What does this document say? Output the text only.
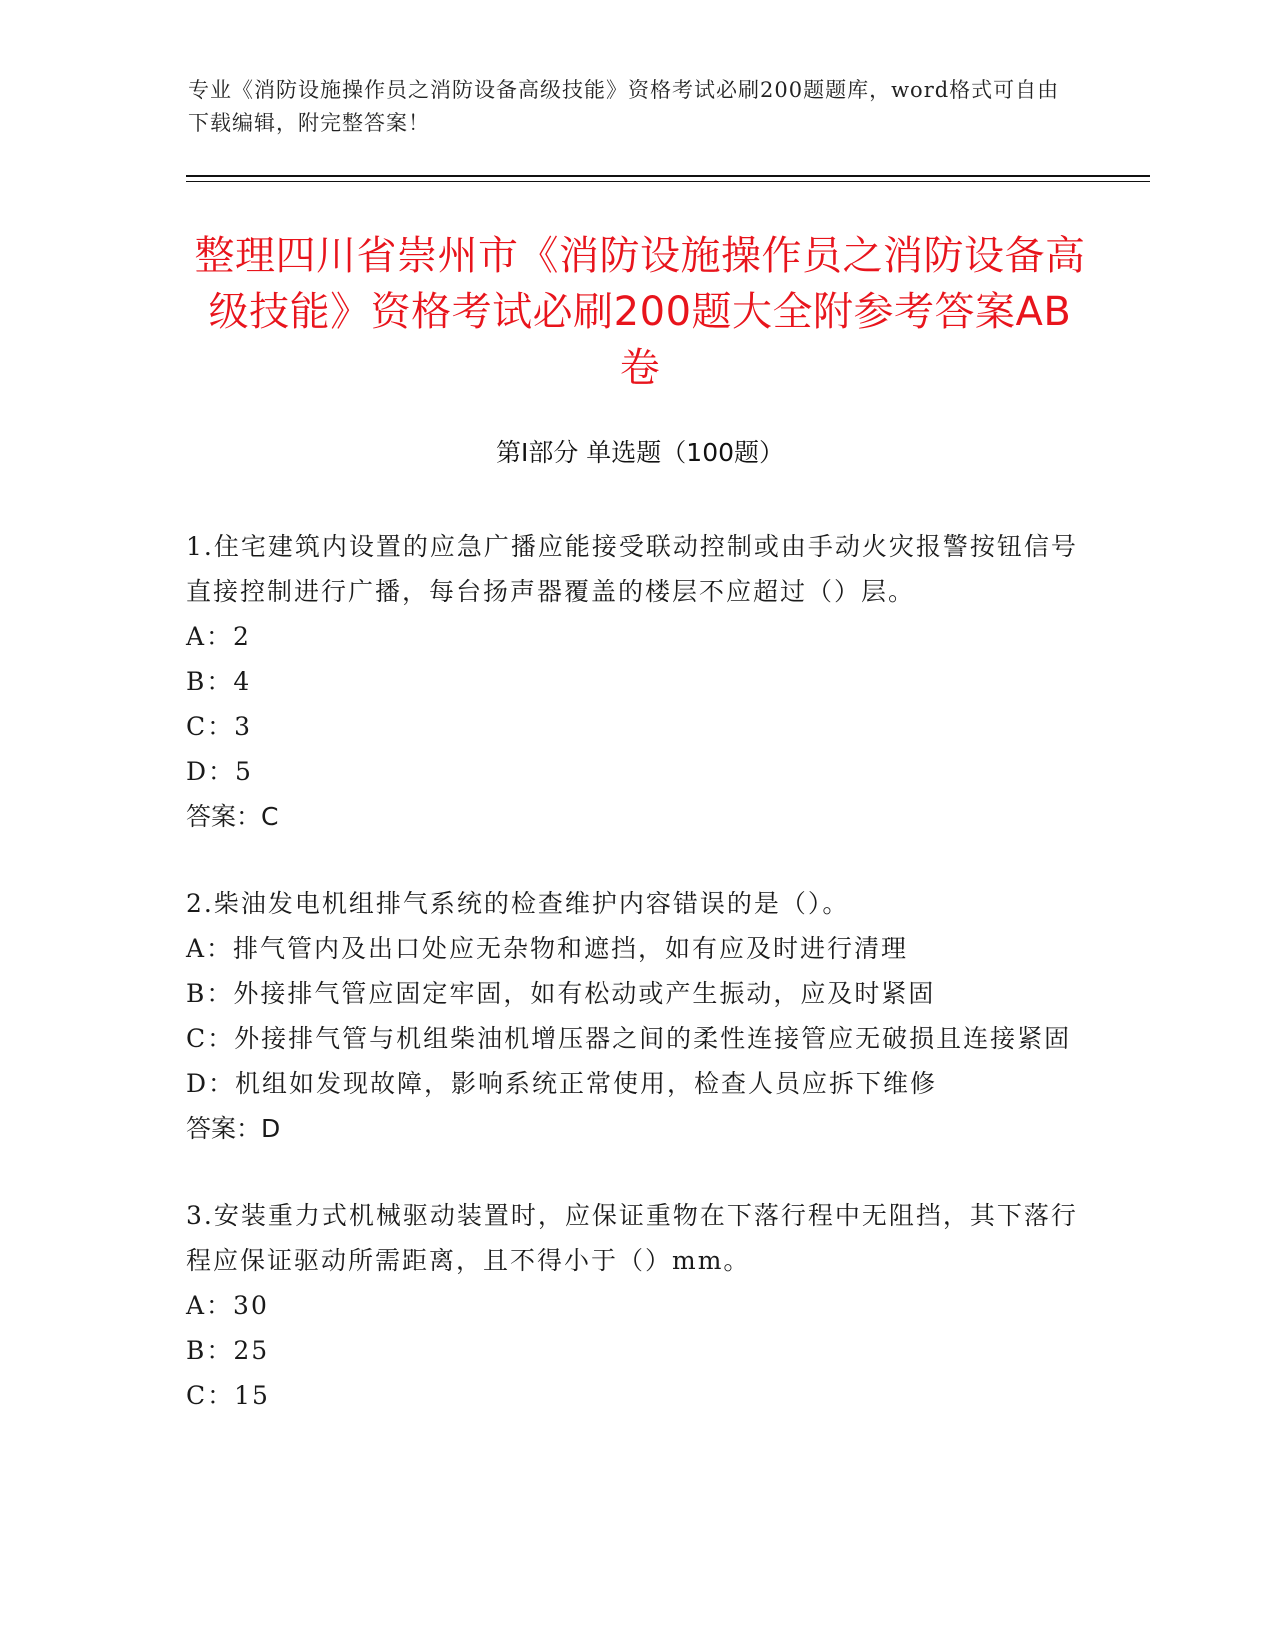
专业《消防设施操作员之消防设备高级技能》资格考试必刷200题题库，word格式可自由下载编辑，附完整答案！
整理四川省崇州市《消防设施操作员之消防设备高级技能》资格考试必刷200题大全附参考答案AB卷
第Ⅰ部分 单选题（100题）

1.住宅建筑内设置的应急广播应能接受联动控制或由手动火灾报警按钮信号直接控制进行广播，每台扬声器覆盖的楼层不应超过（）层。

A：2

B：4

C：3

D：5

答案：C

2.柴油发电机组排气系统的检查维护内容错误的是（）。

A：排气管内及出口处应无杂物和遮挡，如有应及时进行清理

B：外接排气管应固定牢固，如有松动或产生振动，应及时紧固

C：外接排气管与机组柴油机增压器之间的柔性连接管应无破损且连接紧固

D：机组如发现故障，影响系统正常使用，检查人员应拆下维修

答案：D

3.安装重力式机械驱动装置时，应保证重物在下落行程中无阻挡，其下落行程应保证驱动所需距离，且不得小于（）mm。

A：30

B：25

C：15
